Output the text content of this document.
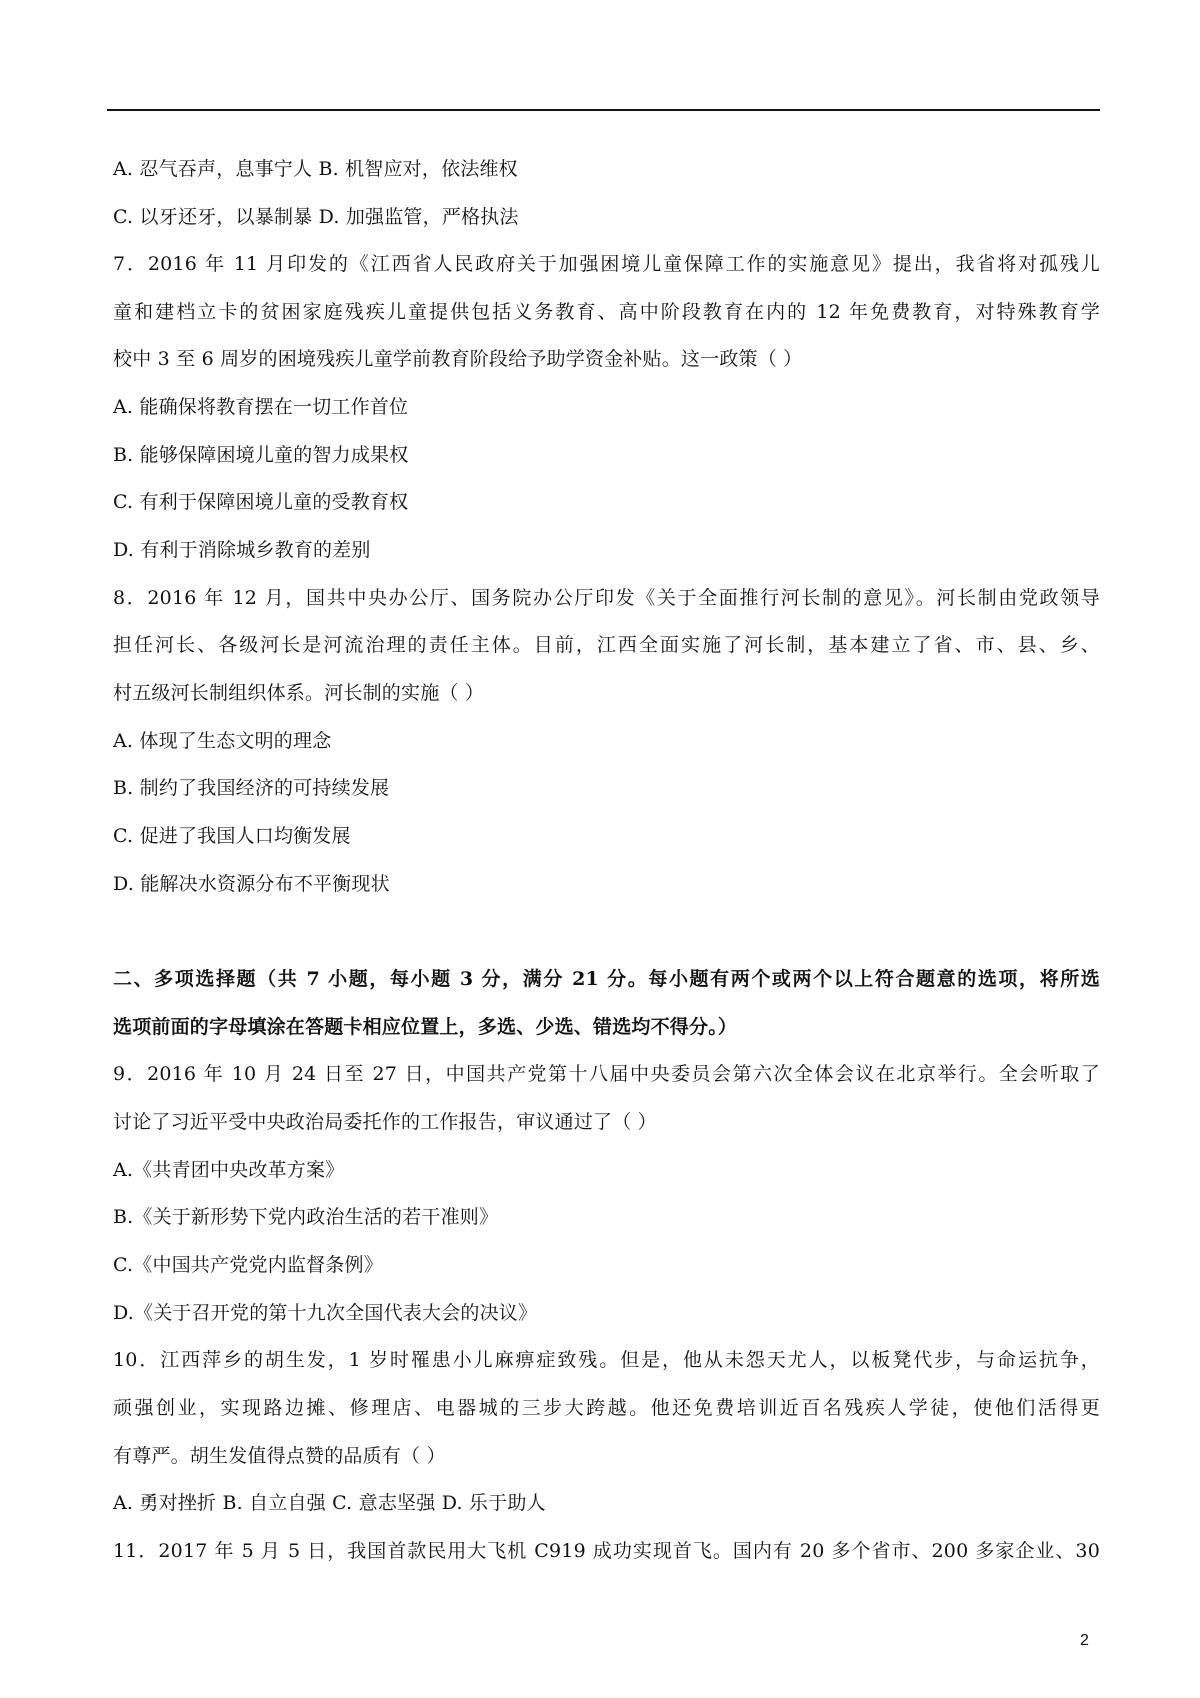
A. 忍气吞声，息事宁人 B. 机智应对，依法维权
C. 以牙还牙，以暴制暴 D. 加强监管，严格执法
7．2016 年 11 月印发的《江西省人民政府关于加强困境儿童保障工作的实施意见》提出，我省将对孤残儿
童和建档立卡的贫困家庭残疾儿童提供包括义务教育、高中阶段教育在内的 12 年免费教育，对特殊教育学
校中 3 至 6 周岁的困境残疾儿童学前教育阶段给予助学资金补贴。这一政策（ ）
A. 能确保将教育摆在一切工作首位
B. 能够保障困境儿童的智力成果权
C. 有利于保障困境儿童的受教育权
D. 有利于消除城乡教育的差别
8．2016 年 12 月，国共中央办公厅、国务院办公厅印发《关于全面推行河长制的意见》。河长制由党政领导
担任河长、各级河长是河流治理的责任主体。目前，江西全面实施了河长制，基本建立了省、市、县、乡、
村五级河长制组织体系。河长制的实施（ ）
A. 体现了生态文明的理念
B. 制约了我国经济的可持续发展
C. 促进了我国人口均衡发展
D. 能解决水资源分布不平衡现状
二、多项选择题（共 7 小题，每小题 3 分，满分 21 分。每小题有两个或两个以上符合题意的选项，将所选
选项前面的字母填涂在答题卡相应位置上，多选、少选、错选均不得分。）
9．2016 年 10 月 24 日至 27 日，中国共产党第十八届中央委员会第六次全体会议在北京举行。全会听取了
讨论了习近平受中央政治局委托作的工作报告，审议通过了（ ）
A.《共青团中央改革方案》
B.《关于新形势下党内政治生活的若干准则》
C.《中国共产党党内监督条例》
D.《关于召开党的第十九次全国代表大会的决议》
10．江西萍乡的胡生发，1 岁时罹患小儿麻痹症致残。但是，他从未怨天尤人，以板凳代步，与命运抗争，
顽强创业，实现路边摊、修理店、电器城的三步大跨越。他还免费培训近百名残疾人学徒，使他们活得更
有尊严。胡生发值得点赞的品质有（ ）
A. 勇对挫折 B. 自立自强 C. 意志坚强 D. 乐于助人
11．2017 年 5 月 5 日，我国首款民用大飞机 C919 成功实现首飞。国内有 20 多个省市、200 多家企业、30
2
